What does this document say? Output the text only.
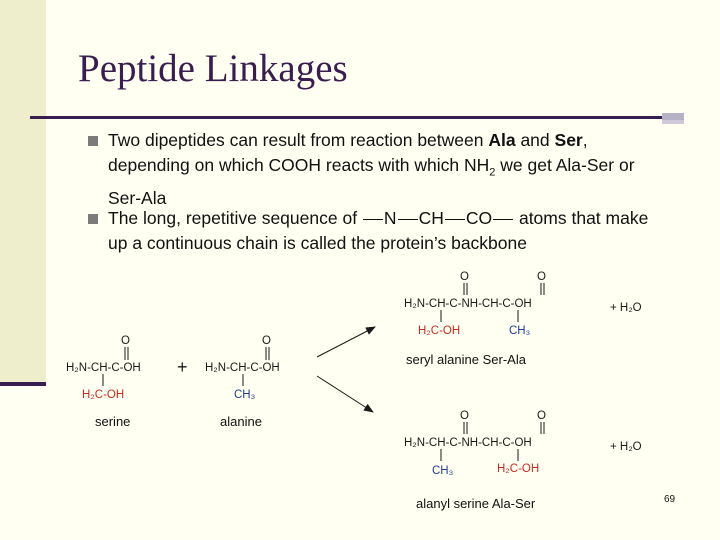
Peptide Linkages
Two dipeptides can result from reaction between Ala and Ser, depending on which COOH reacts with which $NH_2$ we get Ala-Ser or Ser-Ala
The long, repetitive sequence of N CH CO atoms that make up a continuous chain is called the protein’s backbone
O
H₂N-CH-C-OH
H₂C-OH
serine
+
O
H₂N-CH-C-OH
CH₃
alanine
O	O
H₂N-CH-C-NH-CH-C-OH
H₂C-OH	CH₃
+ H₂O
seryl alanine Ser-Ala
O	O
H₂N-CH-C-NH-CH-C-OH
CH₃	H₂C-OH
+ H₂O
alanyl serine Ala-Ser	69
